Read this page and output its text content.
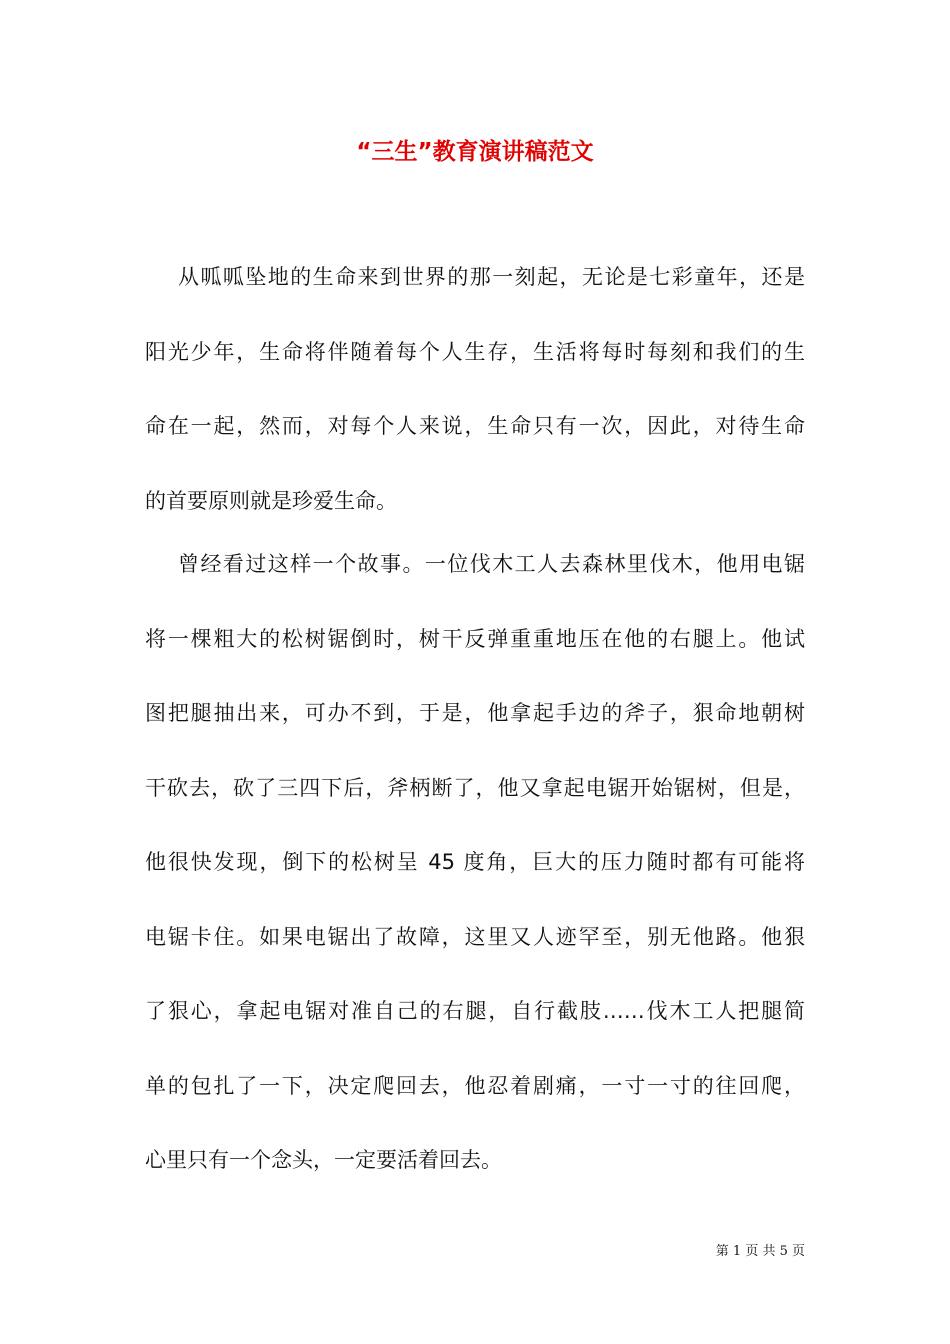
“三生”教育演讲稿范文
从呱呱坠地的生命来到世界的那一刻起，无论是七彩童年，还是
阳光少年，生命将伴随着每个人生存，生活将每时每刻和我们的生
命在一起，然而，对每个人来说，生命只有一次，因此，对待生命
的首要原则就是珍爱生命。
曾经看过这样一个故事。一位伐木工人去森林里伐木，他用电锯
将一棵粗大的松树锯倒时，树干反弹重重地压在他的右腿上。他试
图把腿抽出来，可办不到，于是，他拿起手边的斧子，狠命地朝树
干砍去，砍了三四下后，斧柄断了，他又拿起电锯开始锯树，但是，
他很快发现，倒下的松树呈 45 度角，巨大的压力随时都有可能将
电锯卡住。如果电锯出了故障，这里又人迹罕至，别无他路。他狠
了狠心，拿起电锯对准自己的右腿，自行截肢……伐木工人把腿简
单的包扎了一下，决定爬回去，他忍着剧痛，一寸一寸的往回爬，
心里只有一个念头，一定要活着回去。
第 1 页 共 5 页
